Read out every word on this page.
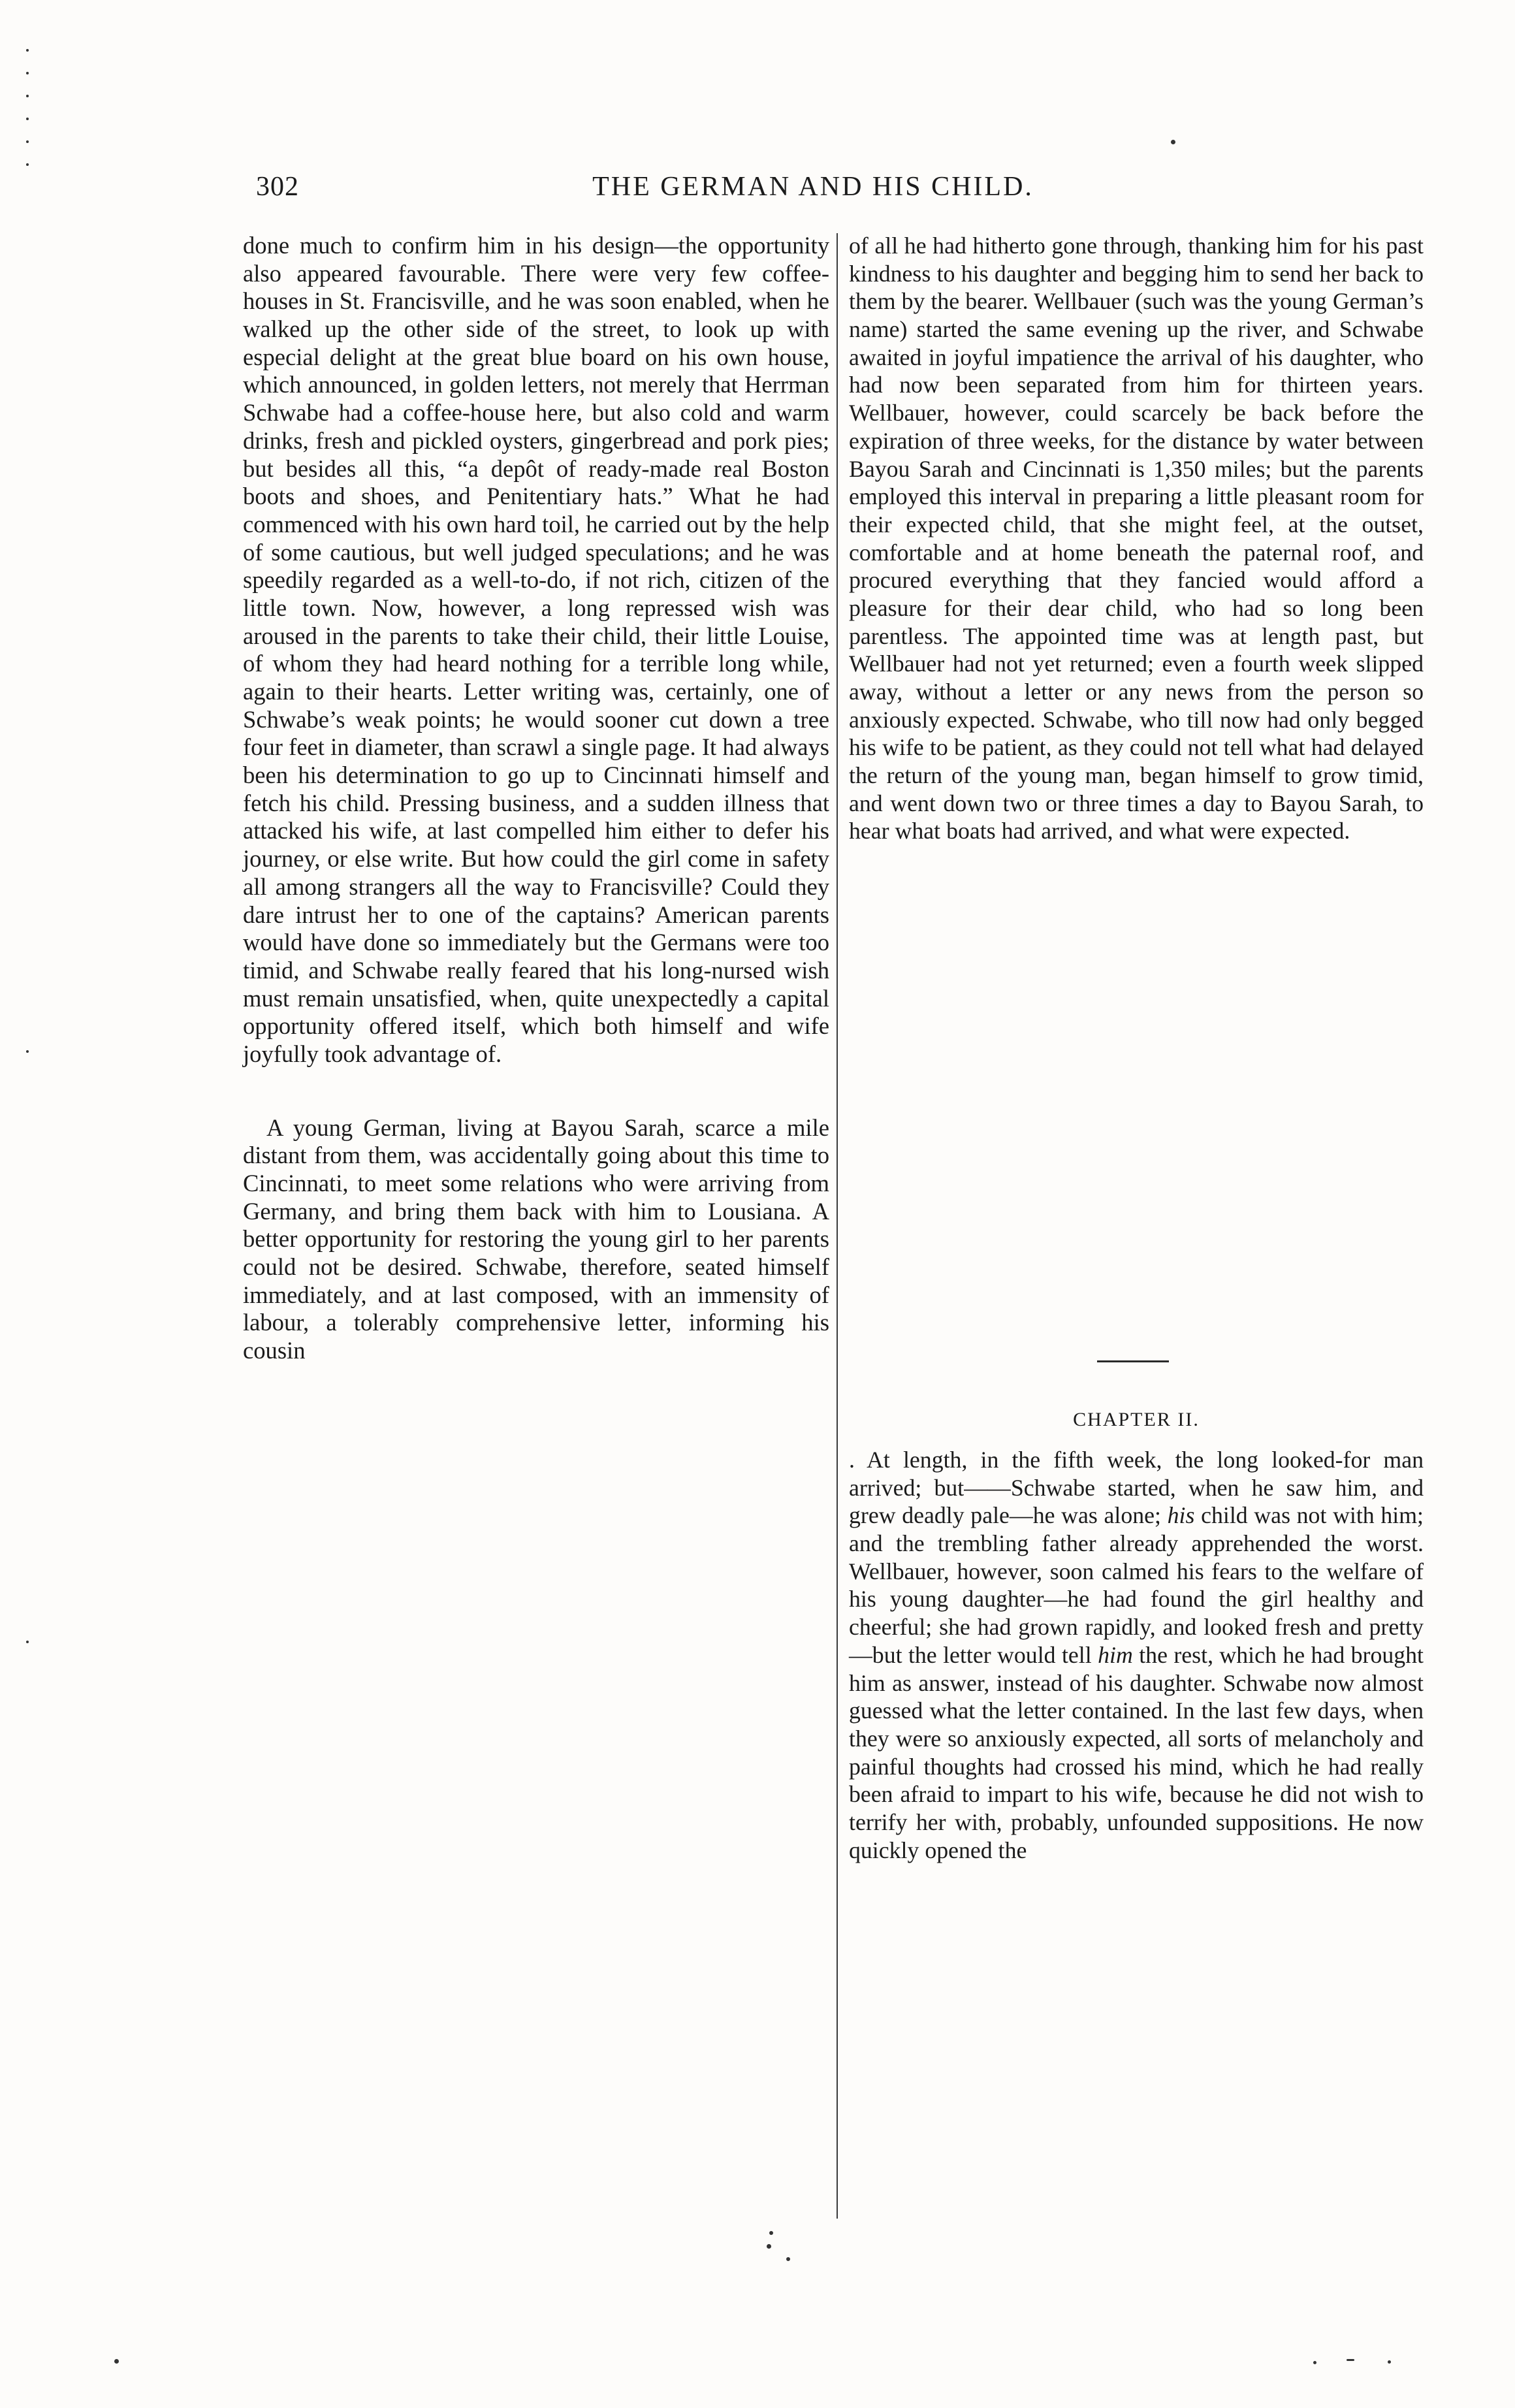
302	THE GERMAN AND HIS CHILD.

done much to confirm him in his design—the opportunity also appeared favourable. There were very few coffee-houses in St. Francisville, and he was soon enabled, when he walked up the other side of the street, to look up with especial delight at the great blue board on his own house, which announced, in golden letters, not merely that Herrman Schwabe had a coffee-house here, but also cold and warm drinks, fresh and pickled oysters, gingerbread and pork pies; but besides all this, “a depôt of ready-made real Boston boots and shoes, and Penitentiary hats.” What he had commenced with his own hard toil, he carried out by the help of some cautious, but well judged speculations; and he was speedily regarded as a well-to-do, if not rich, citizen of the little town. Now, however, a long repressed wish was aroused in the parents to take their child, their little Louise, of whom they had heard nothing for a terrible long while, again to their hearts. Letter writing was, certainly, one of Schwabe’s weak points; he would sooner cut down a tree four feet in diameter, than scrawl a single page. It had always been his determination to go up to Cincinnati himself and fetch his child. Pressing business, and a sudden illness that attacked his wife, at last compelled him either to defer his journey, or else write. But how could the girl come in safety all among strangers all the way to Francisville? Could they dare intrust her to one of the captains? American parents would have done so immediately but the Germans were too timid, and Schwabe really feared that his long-nursed wish must remain unsatisfied, when, quite unexpectedly a capital opportunity offered itself, which both himself and wife joyfully took advantage of.

A young German, living at Bayou Sarah, scarce a mile distant from them, was accidentally going about this time to Cincinnati, to meet some relations who were arriving from Germany, and bring them back with him to Lousiana. A better opportunity for restoring the young girl to her parents could not be desired. Schwabe, therefore, seated himself immediately, and at last composed, with an immensity of labour, a tolerably comprehensive letter, informing his cousin

of all he had hitherto gone through, thanking him for his past kindness to his daughter and begging him to send her back to them by the bearer. Wellbauer (such was the young German’s name) started the same evening up the river, and Schwabe awaited in joyful impatience the arrival of his daughter, who had now been separated from him for thirteen years. Wellbauer, however, could scarcely be back before the expiration of three weeks, for the distance by water between Bayou Sarah and Cincinnati is 1,350 miles; but the parents employed this interval in preparing a little pleasant room for their expected child, that she might feel, at the outset, comfortable and at home beneath the paternal roof, and procured everything that they fancied would afford a pleasure for their dear child, who had so long been parentless. The appointed time was at length past, but Wellbauer had not yet returned; even a fourth week slipped away, without a letter or any news from the person so anxiously expected. Schwabe, who till now had only begged his wife to be patient, as they could not tell what had delayed the return of the young man, began himself to grow timid, and went down two or three times a day to Bayou Sarah, to hear what boats had arrived, and what were expected.

CHAPTER II.

. At length, in the fifth week, the long looked-for man arrived; but——Schwabe started, when he saw him, and grew deadly pale—he was alone; his child was not with him; and the trembling father already apprehended the worst. Wellbauer, however, soon calmed his fears to the welfare of his young daughter—he had found the girl healthy and cheerful; she had grown rapidly, and looked fresh and pretty—but the letter would tell him the rest, which he had brought him as answer, instead of his daughter. Schwabe now almost guessed what the letter contained. In the last few days, when they were so anxiously expected, all sorts of melancholy and painful thoughts had crossed his mind, which he had really been afraid to impart to his wife, because he did not wish to terrify her with, probably, unfounded suppositions. He now quickly opened the
